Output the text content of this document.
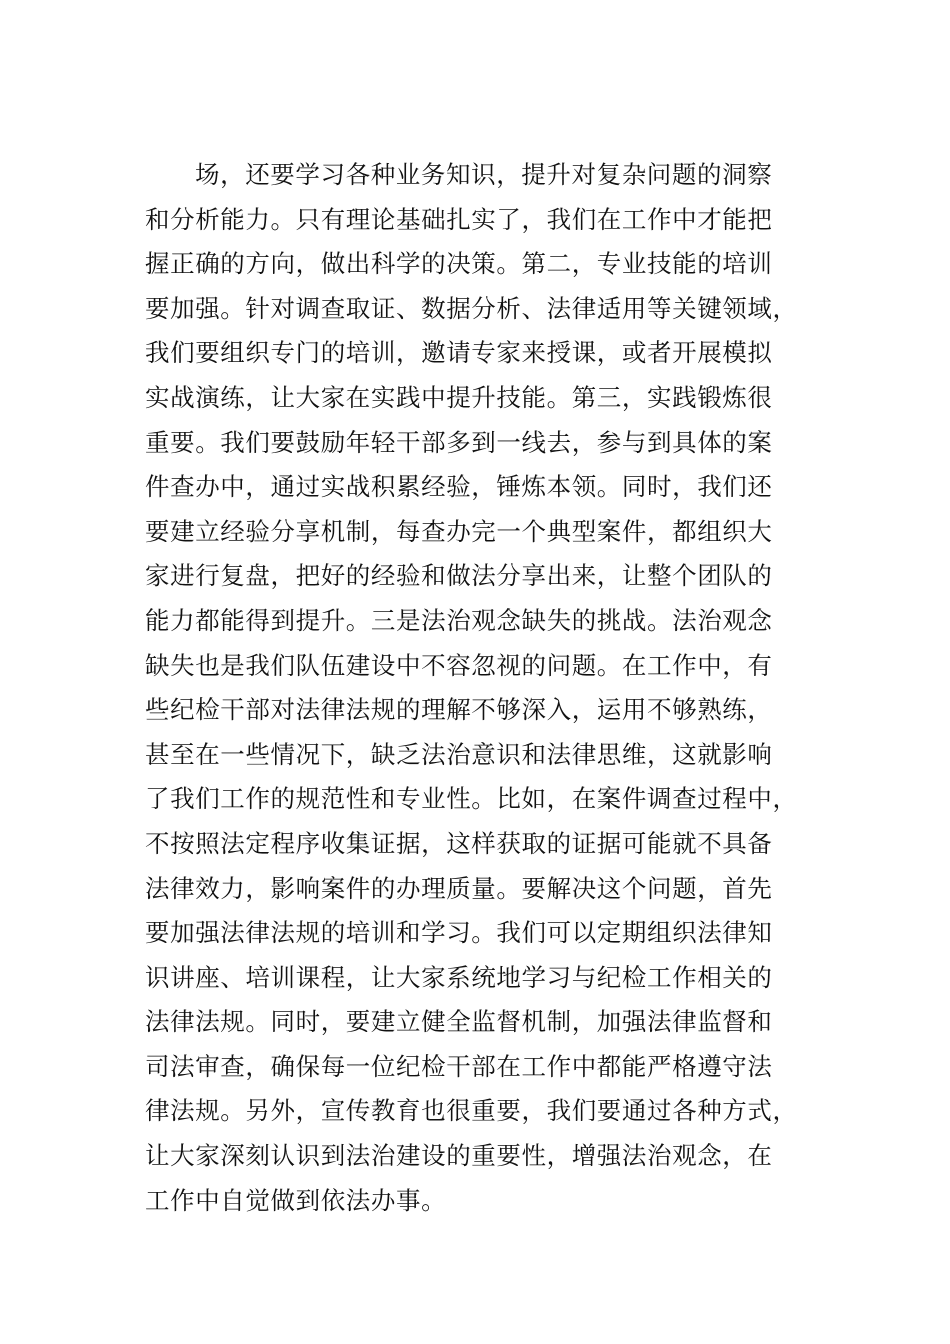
场，还要学习各种业务知识，提升对复杂问题的洞察
和分析能力。只有理论基础扎实了，我们在工作中才能把
握正确的方向，做出科学的决策。第二，专业技能的培训
要加强。针对调查取证、数据分析、法律适用等关键领域，
我们要组织专门的培训，邀请专家来授课，或者开展模拟
实战演练，让大家在实践中提升技能。第三，实践锻炼很
重要。我们要鼓励年轻干部多到一线去，参与到具体的案
件查办中，通过实战积累经验，锤炼本领。同时，我们还
要建立经验分享机制，每查办完一个典型案件，都组织大
家进行复盘，把好的经验和做法分享出来，让整个团队的
能力都能得到提升。三是法治观念缺失的挑战。法治观念
缺失也是我们队伍建设中不容忽视的问题。在工作中，有
些纪检干部对法律法规的理解不够深入，运用不够熟练，
甚至在一些情况下，缺乏法治意识和法律思维，这就影响
了我们工作的规范性和专业性。比如，在案件调查过程中，
不按照法定程序收集证据，这样获取的证据可能就不具备
法律效力，影响案件的办理质量。要解决这个问题，首先
要加强法律法规的培训和学习。我们可以定期组织法律知
识讲座、培训课程，让大家系统地学习与纪检工作相关的
法律法规。同时，要建立健全监督机制，加强法律监督和
司法审查，确保每一位纪检干部在工作中都能严格遵守法
律法规。另外，宣传教育也很重要，我们要通过各种方式，
让大家深刻认识到法治建设的重要性，增强法治观念，在
工作中自觉做到依法办事。
